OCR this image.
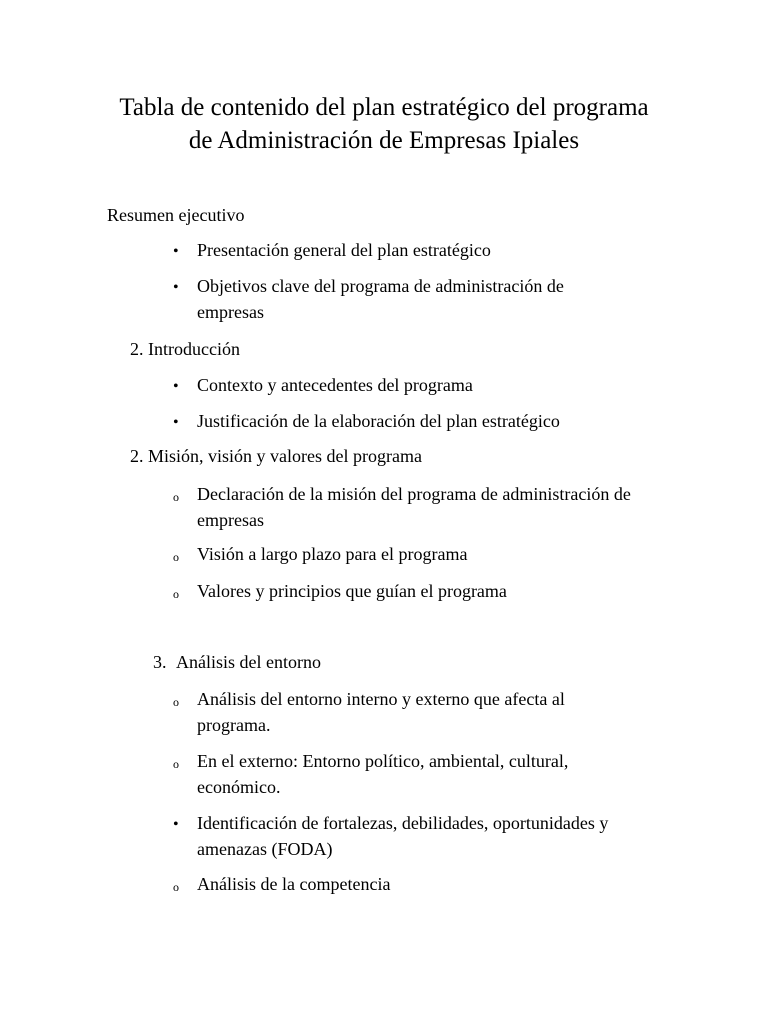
Tabla de contenido del plan estratégico del programa
de Administración de Empresas Ipiales
Resumen ejecutivo
•
Presentación general del plan estratégico
•
Objetivos clave del programa de administración de empresas
2. Introducción
•
Contexto y antecedentes del programa
•
Justificación de la elaboración del plan estratégico
2. Misión, visión y valores del programa
o
Declaración de la misión del programa de administración de empresas
o
Visión a largo plazo para el programa
o
Valores y principios que guían el programa
3. Análisis del entorno
o
Análisis del entorno interno y externo que afecta al programa.
o
En el externo: Entorno político, ambiental, cultural, económico.
•
Identificación de fortalezas, debilidades, oportunidades y amenazas (FODA)
o
Análisis de la competencia
